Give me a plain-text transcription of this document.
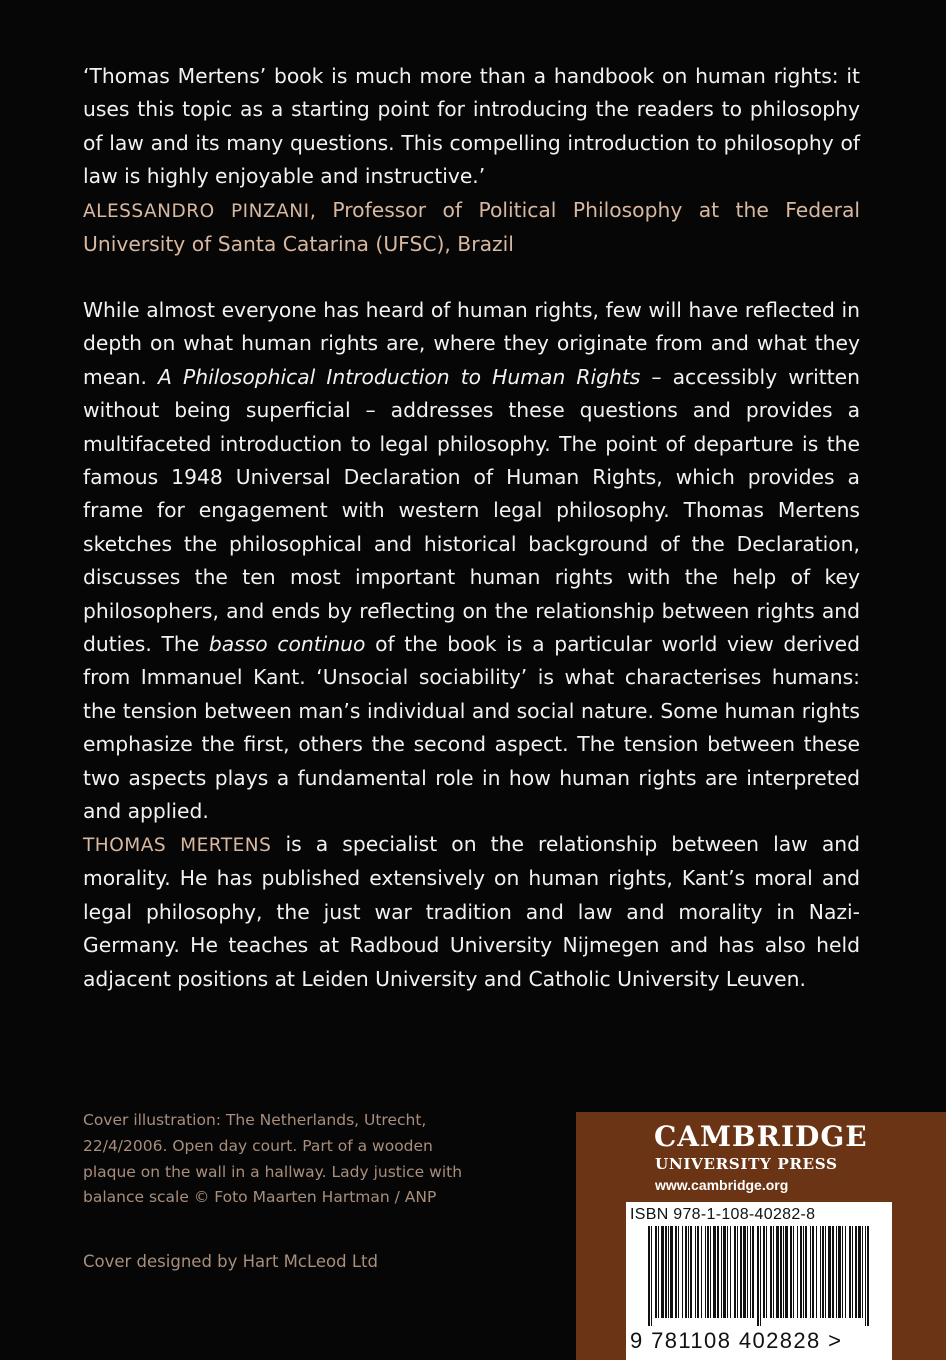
‘Thomas Mertens’ book is much more than a handbook on human rights: it uses this topic as a starting point for introducing the readers to philosophy of law and its many questions. This compelling introduction to philosophy of law is highly enjoyable and instructive.’
ALESSANDRO PINZANI, Professor of Political Philosophy at the Federal University of Santa Catarina (UFSC), Brazil
While almost everyone has heard of human rights, few will have reflected in depth on what human rights are, where they originate from and what they mean. A Philosophical Introduction to Human Rights – accessibly written without being superficial – addresses these questions and provides a multifaceted introduction to legal philosophy. The point of departure is the famous 1948 Universal Declaration of Human Rights, which provides a frame for engagement with western legal philosophy. Thomas Mertens sketches the philosophical and historical background of the Declaration, discusses the ten most important human rights with the help of key philosophers, and ends by reflecting on the relationship between rights and duties. The basso continuo of the book is a particular world view derived from Immanuel Kant. ‘Unsocial sociability’ is what characterises humans: the tension between man’s individual and social nature. Some human rights emphasize the first, others the second aspect. The tension between these two aspects plays a fundamental role in how human rights are interpreted and applied.
THOMAS MERTENS is a specialist on the relationship between law and morality. He has published extensively on human rights, Kant’s moral and legal philosophy, the just war tradition and law and morality in Nazi-Germany. He teaches at Radboud University Nijmegen and has also held adjacent positions at Leiden University and Catholic University Leuven.
Cover illustration: The Netherlands, Utrecht, 22/4/2006. Open day court. Part of a wooden plaque on the wall in a hallway. Lady justice with balance scale © Foto Maarten Hartman / ANP
Cover designed by Hart McLeod Ltd
CAMBRIDGE
UNIVERSITY PRESS
www.cambridge.org
ISBN 978-1-108-40282-8
9 781108 402828 >
